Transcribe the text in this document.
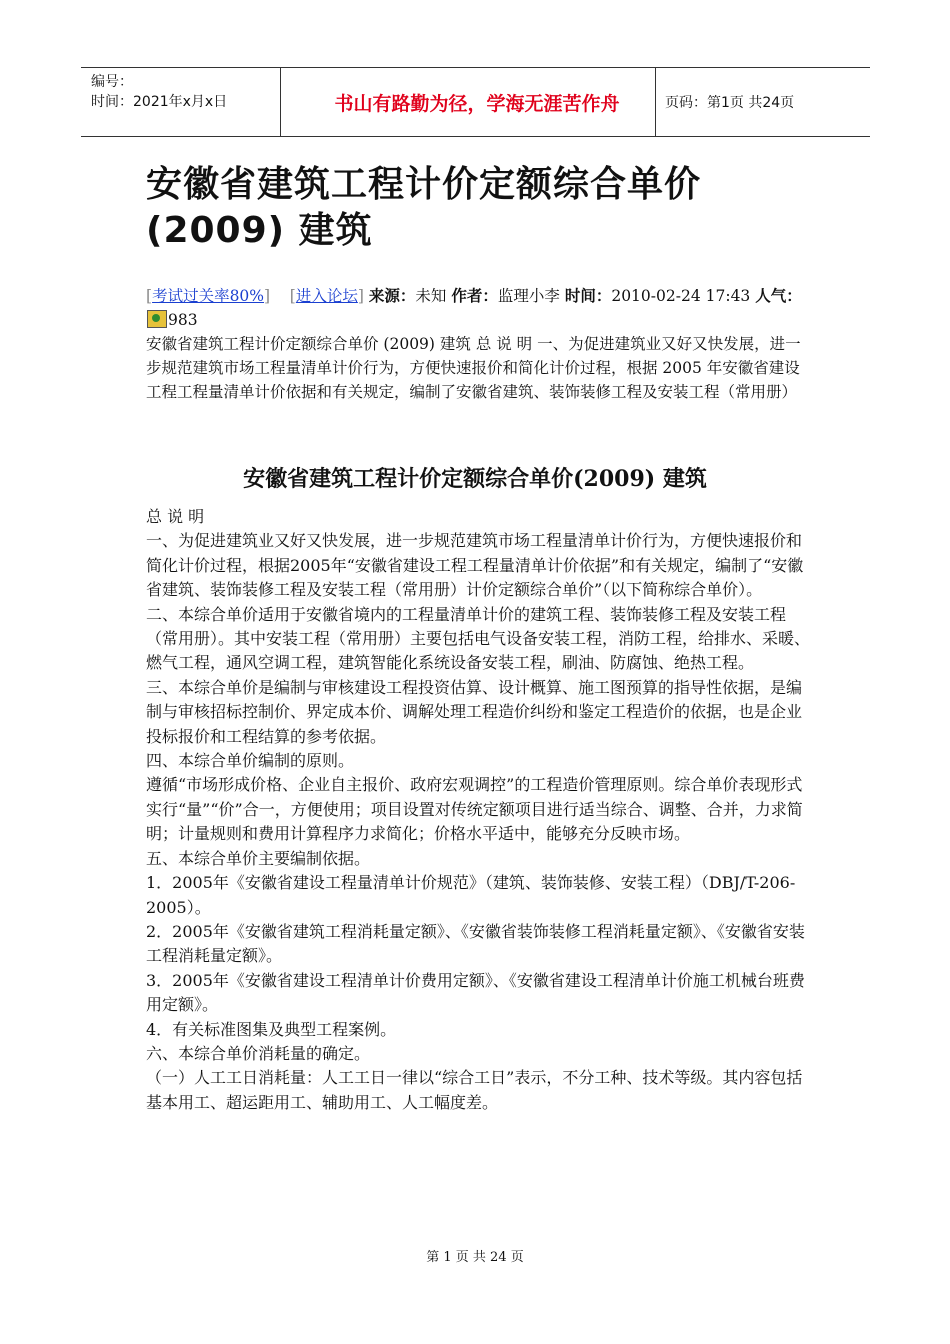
编号：
时间：2021年x月x日	书山有路勤为径，学海无涯苦作舟	页码：第1页 共24页
安徽省建筑工程计价定额综合单价
(2009) 建筑
[考试过关率80%] [进入论坛] 来源：未知 作者：监理小李 时间：2010-02-24 17:43 人气：983
安徽省建筑工程计价定额综合单价 (2009) 建筑 总 说 明 一、为促进建筑业又好又快发展，进一步规范建筑市场工程量清单计价行为，方便快速报价和简化计价过程，根据 2005 年安徽省建设工程工程量清单计价依据和有关规定，编制了安徽省建筑、装饰装修工程及安装工程（常用册）
安徽省建筑工程计价定额综合单价(2009) 建筑

总 说 明

一、为促进建筑业又好又快发展，进一步规范建筑市场工程量清单计价行为，方便快速报价和简化计价过程，根据2005年“安徽省建设工程工程量清单计价依据”和有关规定，编制了“安徽省建筑、装饰装修工程及安装工程（常用册）计价定额综合单价”（以下简称综合单价）。

二、本综合单价适用于安徽省境内的工程量清单计价的建筑工程、装饰装修工程及安装工程（常用册）。其中安装工程（常用册）主要包括电气设备安装工程，消防工程，给排水、采暖、燃气工程，通风空调工程，建筑智能化系统设备安装工程，刷油、防腐蚀、绝热工程。

三、本综合单价是编制与审核建设工程投资估算、设计概算、施工图预算的指导性依据，是编制与审核招标控制价、界定成本价、调解处理工程造价纠纷和鉴定工程造价的依据，也是企业投标报价和工程结算的参考依据。

四、本综合单价编制的原则。

遵循“市场形成价格、企业自主报价、政府宏观调控”的工程造价管理原则。综合单价表现形式实行“量”“价”合一，方便使用；项目设置对传统定额项目进行适当综合、调整、合并，力求简明；计量规则和费用计算程序力求简化；价格水平适中，能够充分反映市场。

五、本综合单价主要编制依据。

1．2005年《安徽省建设工程量清单计价规范》（建筑、装饰装修、安装工程）（DBJ/T-206-2005）。

2．2005年《安徽省建筑工程消耗量定额》、《安徽省装饰装修工程消耗量定额》、《安徽省安装工程消耗量定额》。

3．2005年《安徽省建设工程清单计价费用定额》、《安徽省建设工程清单计价施工机械台班费用定额》。

4．有关标准图集及典型工程案例。

六、本综合单价消耗量的确定。

（一）人工工日消耗量：人工工日一律以“综合工日”表示，不分工种、技术等级。其内容包括基本用工、超运距用工、辅助用工、人工幅度差。

第 1 页 共 24 页
